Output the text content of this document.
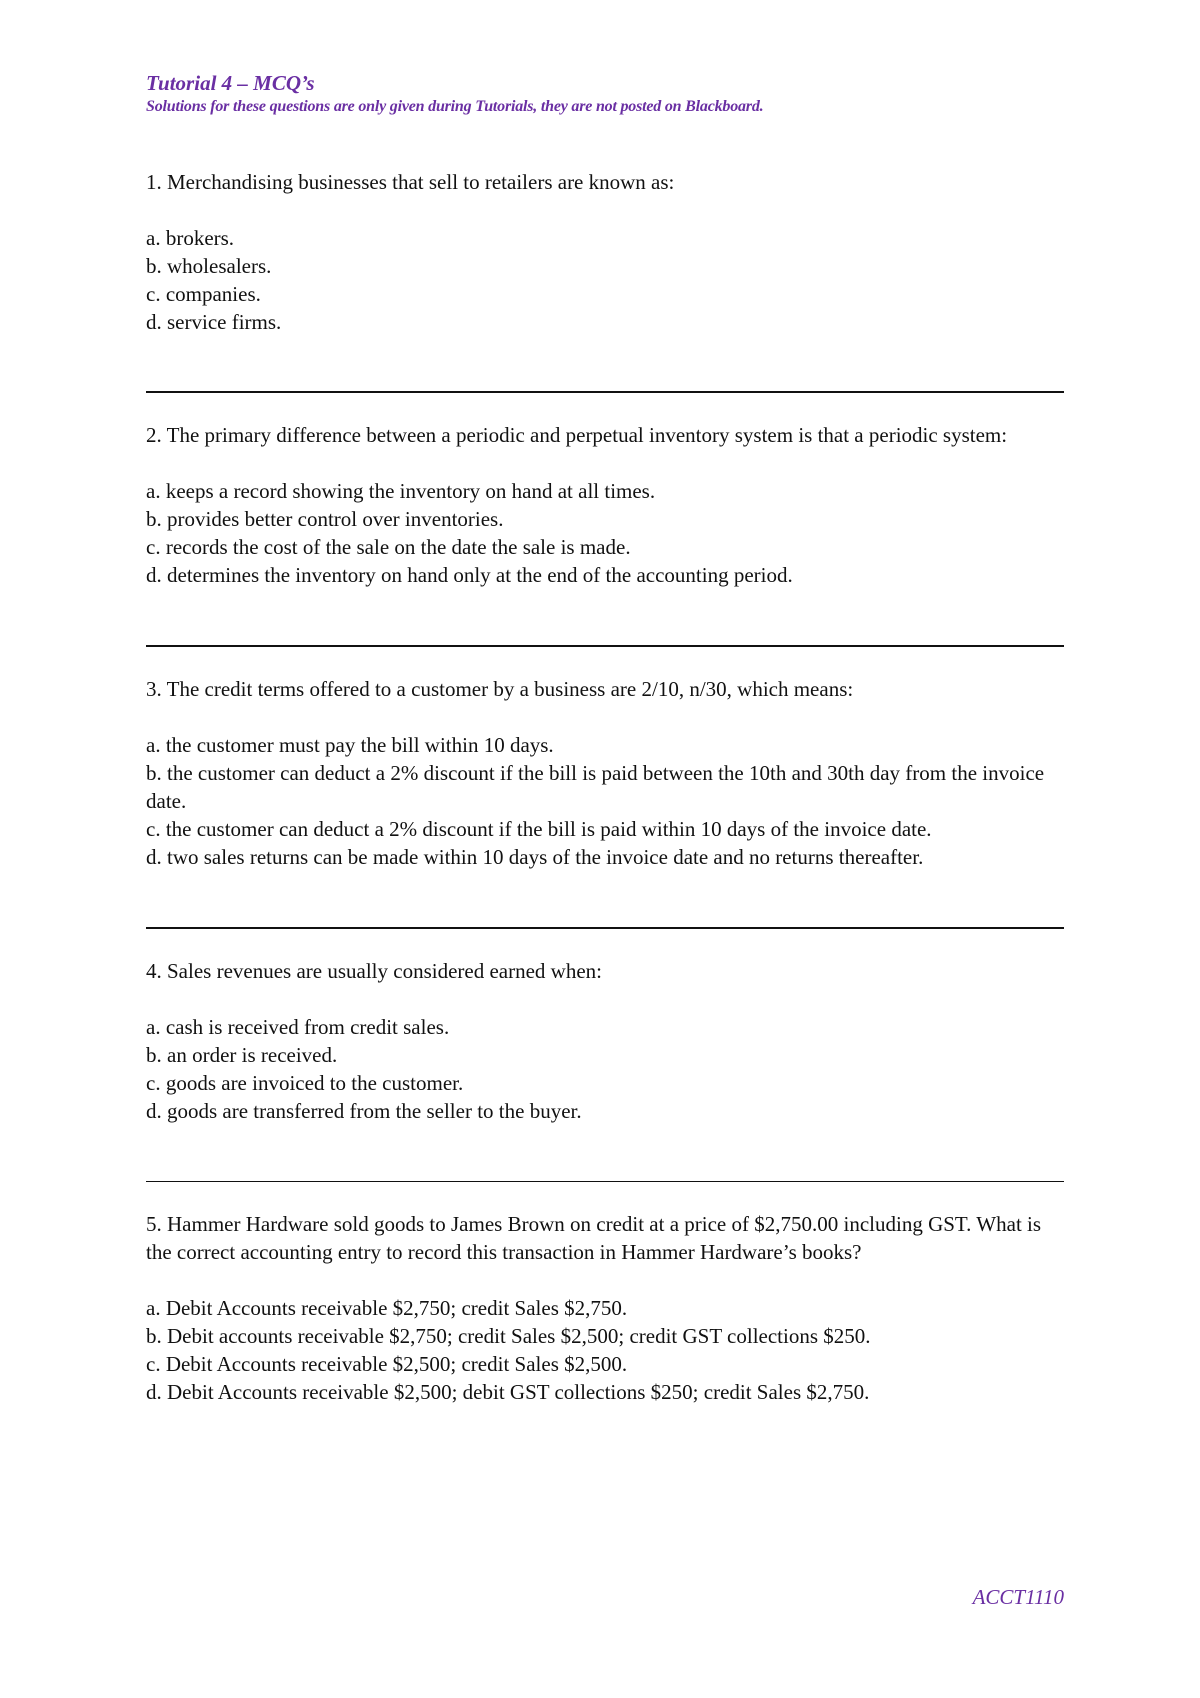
Tutorial 4 – MCQ’s

Solutions for these questions are only given during Tutorials, they are not posted on Blackboard.

1. Merchandising businesses that sell to retailers are known as:

a. brokers.

b. wholesalers.

c. companies.

d. service firms.

2. The primary difference between a periodic and perpetual inventory system is that a periodic system:

a. keeps a record showing the inventory on hand at all times.

b. provides better control over inventories.

c. records the cost of the sale on the date the sale is made.

d. determines the inventory on hand only at the end of the accounting period.

3. The credit terms offered to a customer by a business are 2/10, n/30, which means:

a. the customer must pay the bill within 10 days.

b. the customer can deduct a 2% discount if the bill is paid between the 10th and 30th day from the invoice date.

c. the customer can deduct a 2% discount if the bill is paid within 10 days of the invoice date.

d. two sales returns can be made within 10 days of the invoice date and no returns thereafter.

4. Sales revenues are usually considered earned when:

a. cash is received from credit sales.

b. an order is received.

c. goods are invoiced to the customer.

d. goods are transferred from the seller to the buyer.

5. Hammer Hardware sold goods to James Brown on credit at a price of $2,750.00 including GST. What is the correct accounting entry to record this transaction in Hammer Hardware’s books?

a. Debit Accounts receivable $2,750; credit Sales $2,750.

b. Debit accounts receivable $2,750; credit Sales $2,500; credit GST collections $250.

c. Debit Accounts receivable $2,500; credit Sales $2,500.

d. Debit Accounts receivable $2,500; debit GST collections $250; credit Sales $2,750.

ACCT1110
